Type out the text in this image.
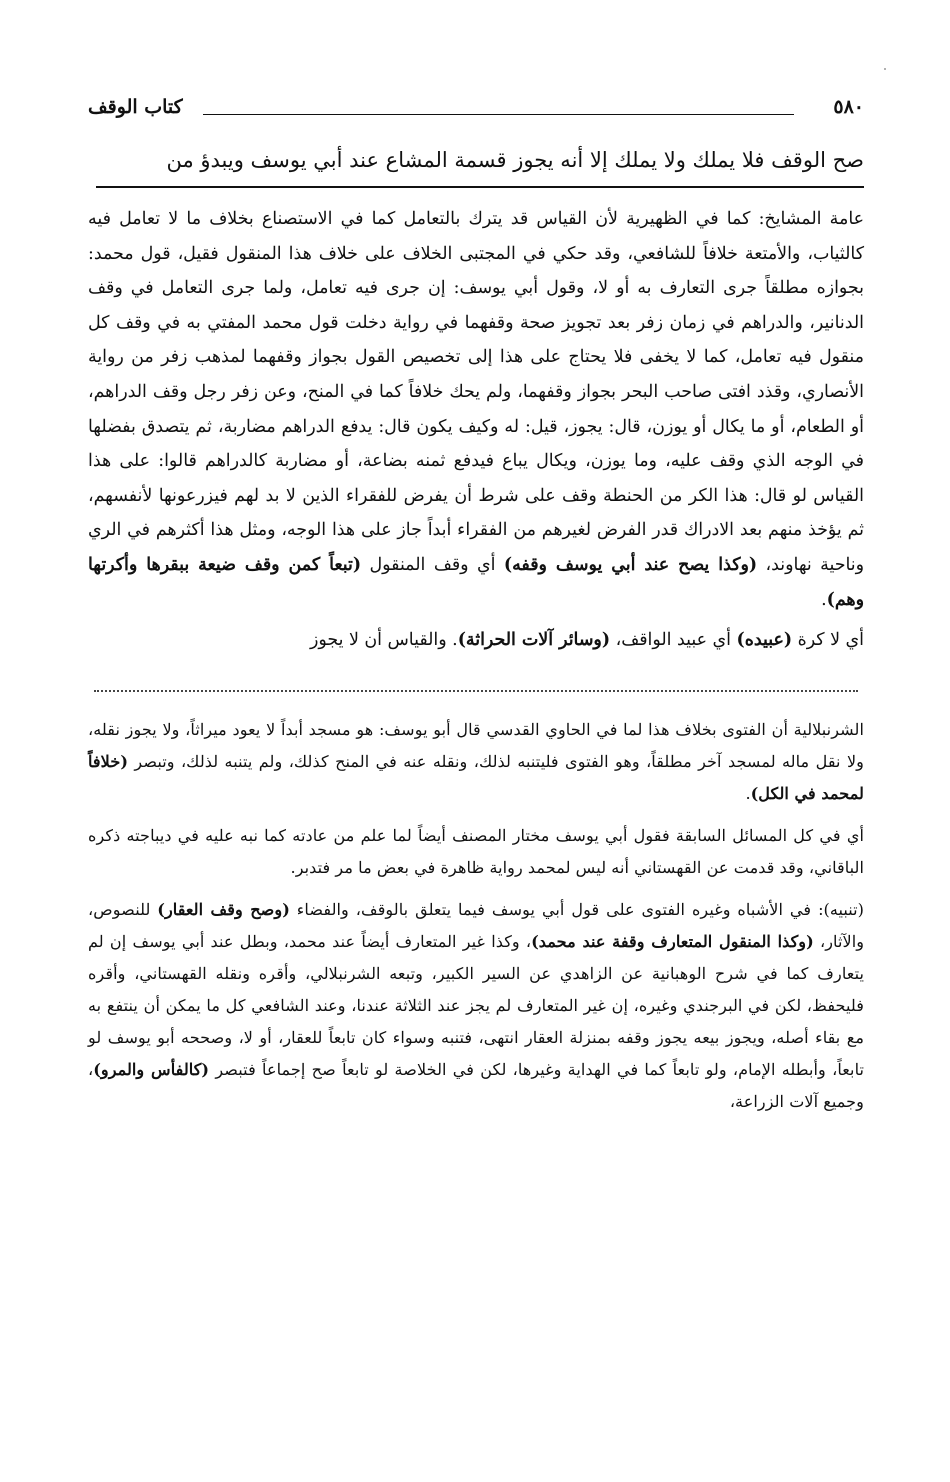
٥٨٠
كتاب الوقف
صح الوقف فلا يملك ولا يملك إلا أنه يجوز قسمة المشاع عند أبي يوسف ويبدؤ من

عامة المشايخ: كما في الظهيرية لأن القياس قد يترك بالتعامل كما في الاستصناع بخلاف ما لا تعامل فيه كالثياب، والأمتعة خلافاً للشافعي، وقد حكي في المجتبى الخلاف على خلاف هذا المنقول فقيل، قول محمد: بجوازه مطلقاً جرى التعارف به أو لا، وقول أبي يوسف: إن جرى فيه تعامل، ولما جرى التعامل في وقف الدنانير، والدراهم في زمان زفر بعد تجويز صحة وقفهما في رواية دخلت قول محمد المفتي به في وقف كل منقول فيه تعامل، كما لا يخفى فلا يحتاج على هذا إلى تخصيص القول بجواز وقفهما لمذهب زفر من رواية الأنصاري، وقذد افتى صاحب البحر بجواز وقفهما، ولم يحك خلافاً كما في المنح، وعن زفر رجل وقف الدراهم، أو الطعام، أو ما يكال أو يوزن، قال: يجوز، قيل: له وكيف يكون قال: يدفع الدراهم مضاربة، ثم يتصدق بفضلها في الوجه الذي وقف عليه، وما يوزن، ويكال يباع فيدفع ثمنه بضاعة، أو مضاربة كالدراهم قالوا: على هذا القياس لو قال: هذا الكر من الحنطة وقف على شرط أن يفرض للفقراء الذين لا بد لهم فيزرعونها لأنفسهم، ثم يؤخذ منهم بعد الادراك قدر الفرض لغيرهم من الفقراء أبداً جاز على هذا الوجه، ومثل هذا أكثرهم في الري وناحية نهاوند، (وكذا يصح عند أبي يوسف وقفه) أي وقف المنقول (تبعاً كمن وقف ضيعة ببقرها وأكرتها وهم).

أي لا كرة (عبيده) أي عبيد الواقف، (وسائر آلات الحراثة). والقياس أن لا يجوز

الشرنبلالية أن الفتوى بخلاف هذا لما في الحاوي القدسي قال أبو يوسف: هو مسجد أبداً لا يعود ميراثاً، ولا يجوز نقله، ولا نقل ماله لمسجد آخر مطلقاً، وهو الفتوى فليتنبه لذلك، ونقله عنه في المنح كذلك، ولم يتنبه لذلك، وتبصر (خلافاً لمحمد في الكل).

أي في كل المسائل السابقة فقول أبي يوسف مختار المصنف أيضاً لما علم من عادته كما نبه عليه في ديباجته ذكره الباقاني، وقد قدمت عن القهستاني أنه ليس لمحمد رواية ظاهرة في بعض ما مر فتدبر.

(تنبيه): في الأشباه وغيره الفتوى على قول أبي يوسف فيما يتعلق بالوقف، والفضاء (وصح وقف العقار) للنصوص، والآثار، (وكذا المنقول المتعارف وقفة عند محمد)، وكذا غير المتعارف أيضاً عند محمد، وبطل عند أبي يوسف إن لم يتعارف كما في شرح الوهبانية عن الزاهدي عن السير الكبير، وتبعه الشرنبلالي، وأقره ونقله القهستاني، وأقره فليحفظ، لكن في البرجندي وغيره، إن غير المتعارف لم يجز عند الثلاثة عندنا، وعند الشافعي كل ما يمكن أن ينتفع به مع بقاء أصله، ويجوز بيعه يجوز وقفه بمنزلة العقار انتهى، فتنبه وسواء كان تابعاً للعقار، أو لا، وصححه أبو يوسف لو تابعاً، وأبطله الإمام، ولو تابعاً كما في الهداية وغيرها، لكن في الخلاصة لو تابعاً صح إجماعاً فتبصر (كالفأس والمرو)، وجميع آلات الزراعة،
